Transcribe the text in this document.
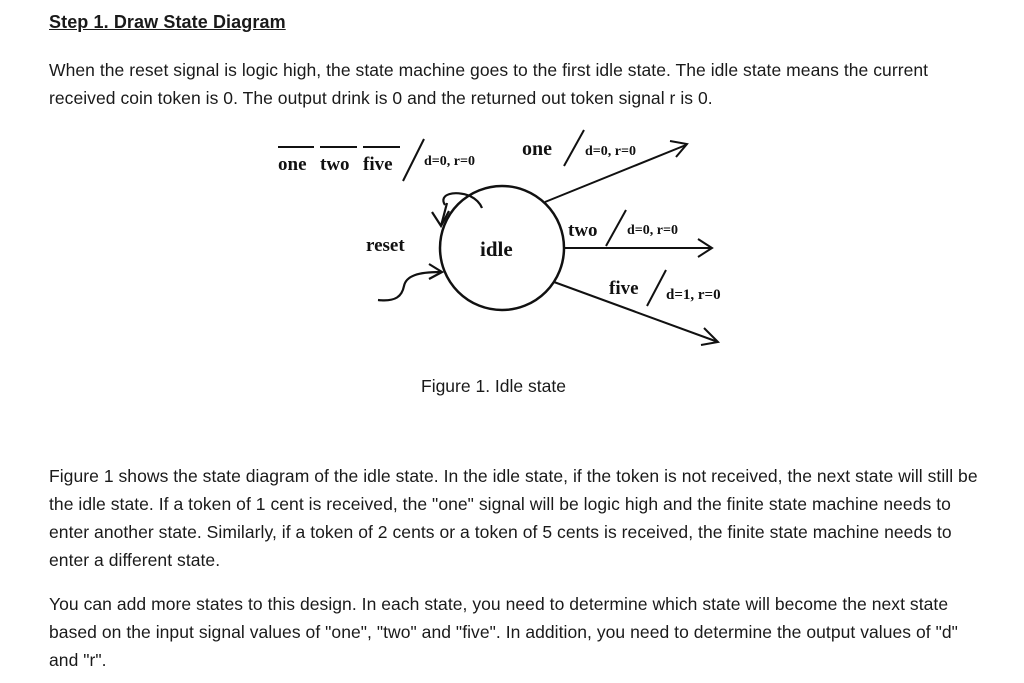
Step 1. Draw State Diagram
When the reset signal is logic high, the state machine goes to the first idle state. The idle state means the current received coin token is 0. The output drink is 0 and the returned out token signal r is 0.
idle
reset
one two five d=0, r=0
one d=0, r=0
two d=0, r=0
five d=1, r=0
Figure 1. Idle state
Figure 1 shows the state diagram of the idle state. In the idle state, if the token is not received, the next state will still be the idle state. If a token of 1 cent is received, the "one" signal will be logic high and the finite state machine needs to enter another state. Similarly, if a token of 2 cents or a token of 5 cents is received, the finite state machine needs to enter a different state.
You can add more states to this design. In each state, you need to determine which state will become the next state based on the input signal values of "one", "two" and "five". In addition, you need to determine the output values of "d" and "r".
